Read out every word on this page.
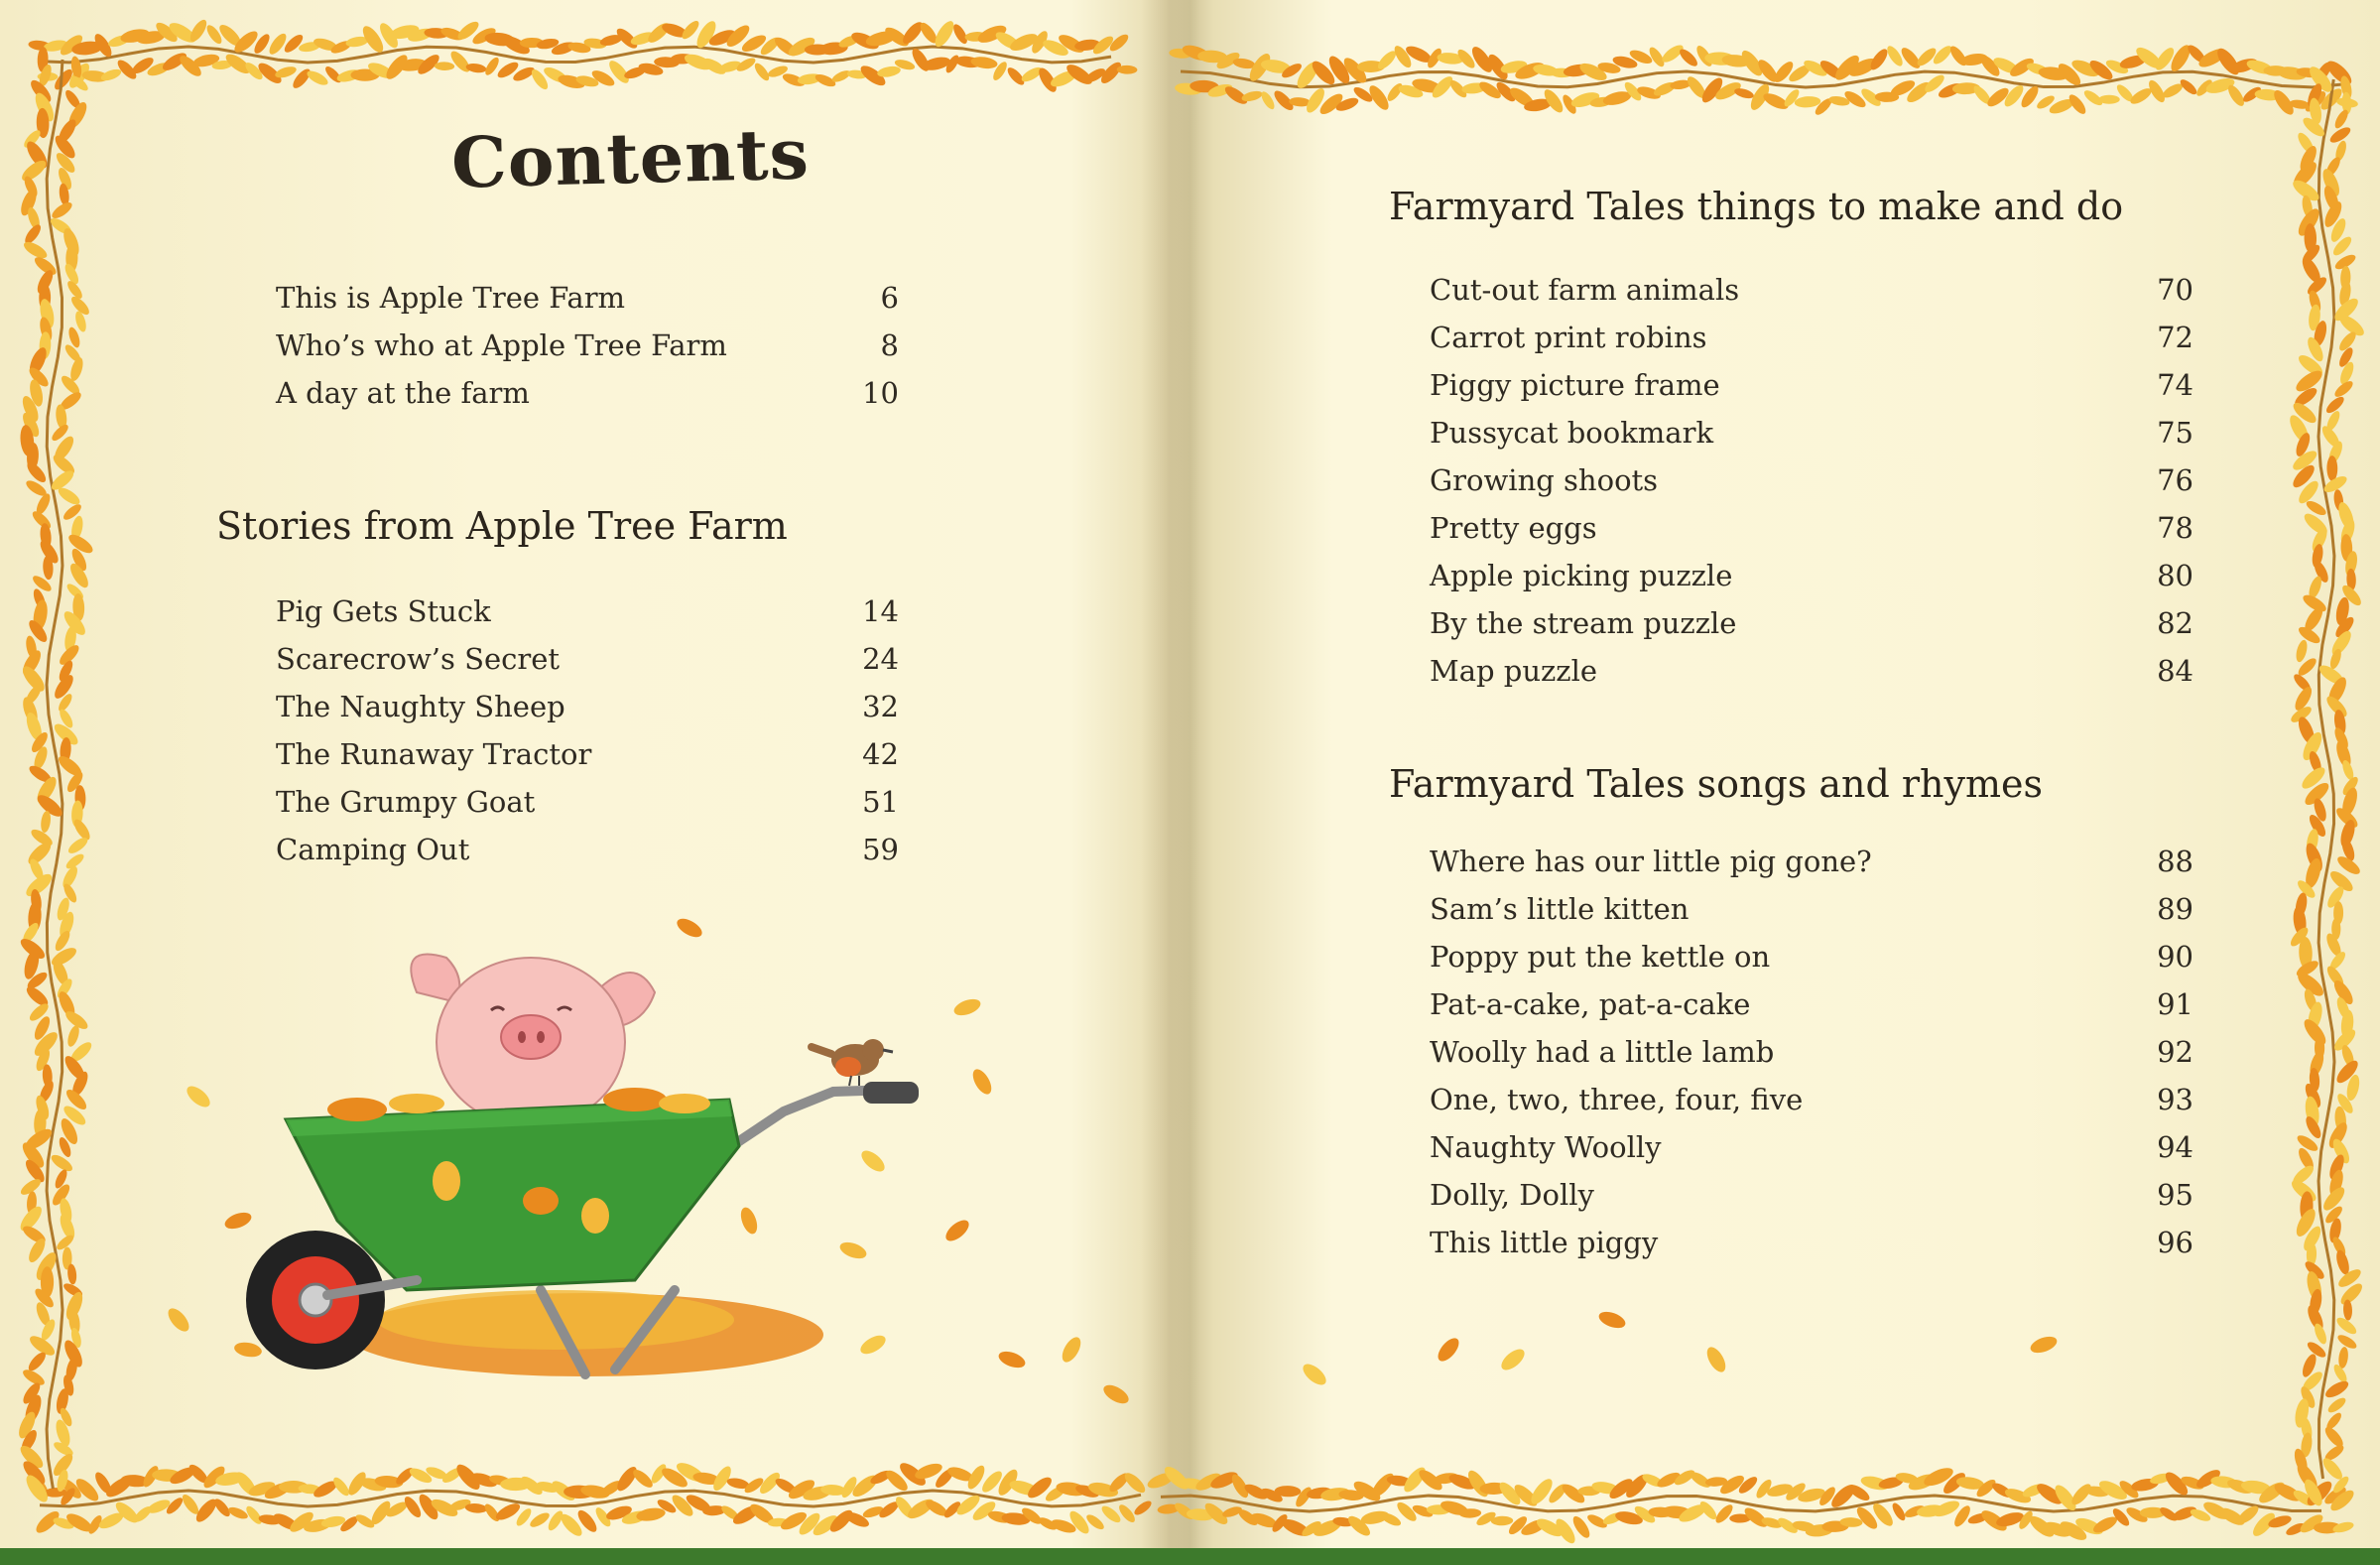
Contents
This is Apple Tree Farm	6
Who’s who at Apple Tree Farm	8
A day at the farm	10
Stories from Apple Tree Farm
Pig Gets Stuck	14
Scarecrow’s Secret	24
The Naughty Sheep	32
The Runaway Tractor	42
The Grumpy Goat	51
Camping Out	59
Farmyard Tales things to make and do
Cut-out farm animals	70
Carrot print robins	72
Piggy picture frame	74
Pussycat bookmark	75
Growing shoots	76
Pretty eggs	78
Apple picking puzzle	80
By the stream puzzle	82
Map puzzle	84
Farmyard Tales songs and rhymes
Where has our little pig gone?	88
Sam’s little kitten	89
Poppy put the kettle on	90
Pat-a-cake, pat-a-cake	91
Woolly had a little lamb	92
One, two, three, four, five	93
Naughty Woolly	94
Dolly, Dolly	95
This little piggy	96
